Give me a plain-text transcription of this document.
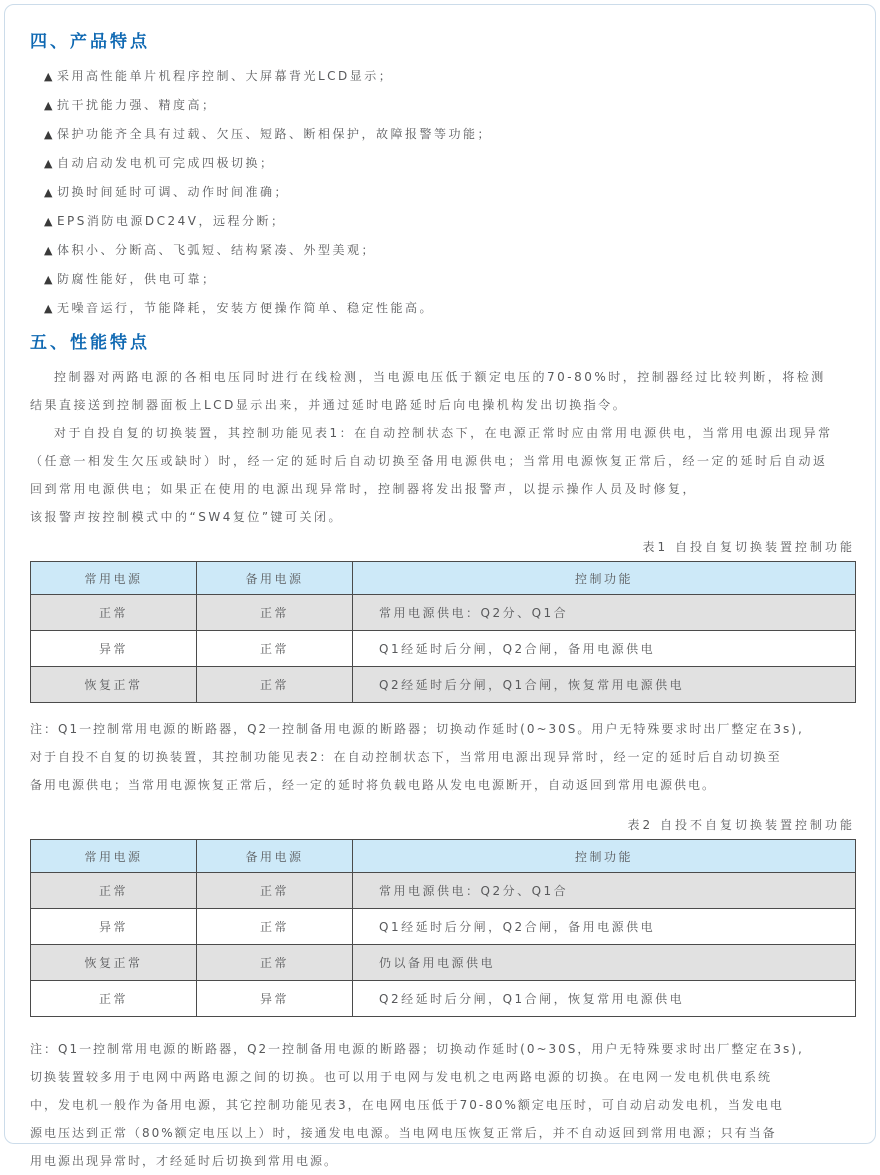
四、产品特点
▲ 采用高性能单片机程序控制、大屏幕背光LCD显示；
▲ 抗干扰能力强、精度高；
▲ 保护功能齐全具有过载、欠压、短路、断相保护，故障报警等功能；
▲ 自动启动发电机可完成四极切换；
▲ 切换时间延时可调、动作时间准确；
▲ EPS消防电源DC24V，远程分断；
▲ 体积小、分断高、飞弧短、结构紧凑、外型美观；
▲ 防腐性能好，供电可靠；
▲ 无噪音运行，节能降耗，安装方便操作简单、稳定性能高。
五、性能特点

控制器对两路电源的各相电压同时进行在线检测，当电源电压低于额定电压的70-80%时，控制器经过比较判断，将检测

结果直接送到控制器面板上LCD显示出来，并通过延时电路延时后向电操机构发出切换指令。

对于自投自复的切换装置，其控制功能见表1：在自动控制状态下，在电源正常时应由常用电源供电，当常用电源出现异常

（任意一相发生欠压或缺时）时，经一定的延时后自动切换至备用电源供电；当常用电源恢复正常后，经一定的延时后自动返

回到常用电源供电；如果正在使用的电源出现异常时，控制器将发出报警声，以提示操作人员及时修复，

该报警声按控制模式中的“SW4复位”键可关闭。

表1 自投自复切换装置控制功能
常用电源	备用电源	控制功能
正常	正常	常用电源供电：Q2分、Q1合
异常	正常	Q1经延时后分闸，Q2合闸，备用电源供电
恢复正常	正常	Q2经延时后分闸，Q1合闸，恢复常用电源供电

注：Q1一控制常用电源的断路器，Q2一控制备用电源的断路器；切换动作延时(0~30S。用户无特殊要求时出厂整定在3s),

对于自投不自复的切换装置，其控制功能见表2：在自动控制状态下，当常用电源出现异常时，经一定的延时后自动切换至

备用电源供电；当常用电源恢复正常后，经一定的延时将负载电路从发电电源断开，自动返回到常用电源供电。

表2 自投不自复切换装置控制功能
常用电源	备用电源	控制功能
正常	正常	常用电源供电：Q2分、Q1合
异常	正常	Q1经延时后分闸，Q2合闸，备用电源供电
恢复正常	正常	仍以备用电源供电
正常	异常	Q2经延时后分闸，Q1合闸，恢复常用电源供电

注：Q1一控制常用电源的断路器，Q2一控制备用电源的断路器；切换动作延时(0~30S，用户无特殊要求时出厂整定在3s),

切换装置较多用于电网中两路电源之间的切换。也可以用于电网与发电机之电两路电源的切换。在电网一发电机供电系统

中，发电机一般作为备用电源，其它控制功能见表3，在电网电压低于70-80%额定电压时，可自动启动发电机，当发电电

源电压达到正常（80%额定电压以上）时，接通发电电源。当电网电压恢复正常后，并不自动返回到常用电源；只有当备

用电源出现异常时，才经延时后切换到常用电源。
